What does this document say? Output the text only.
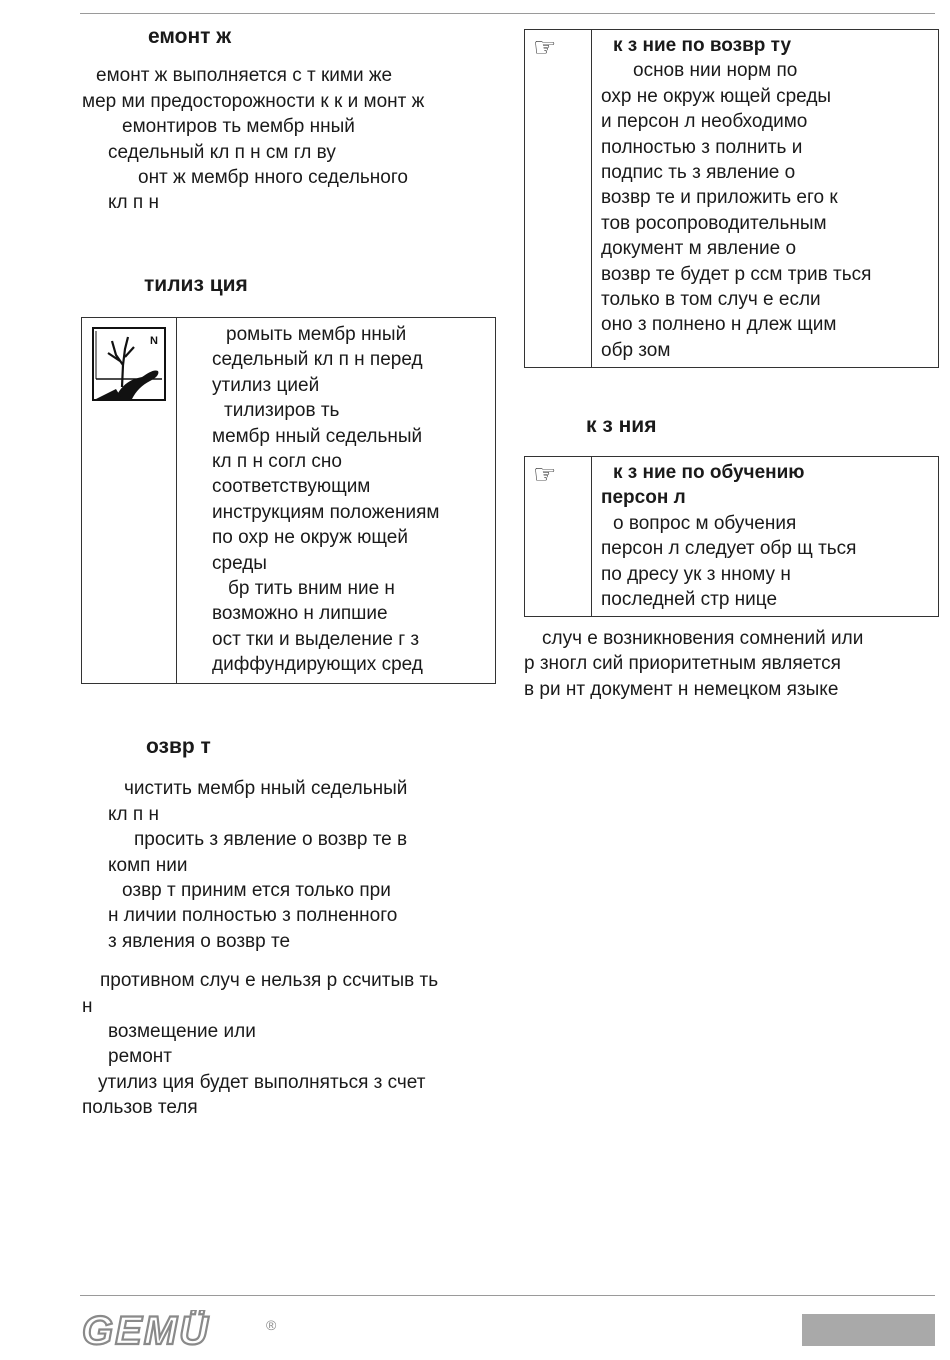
емонт ж

емонт ж выполняется с т кими же

мер ми предосторожности к к и монт ж

емонтиров ть мембр нный

седельный кл п н см гл ву

онт ж мембр нного седельного

кл п н

тилиз ция

N	ромыть мембр нный

седельный кл п н перед

утилиз цией

тилизиров ть

мембр нный седельный

кл п н согл сно

соответствующим

инструкциям положениям

по охр не окруж ющей

среды

бр тить вним ние н

возможно н липшие

ост тки и выделение г з

диффундирующих сред

озвр т

чистить мембр нный седельный

кл п н

просить з явление о возвр те в

комп нии

озвр т приним ется только при

н личии полностью з полненного

з явления о возвр те

противном случ е нельзя р ссчитыв ть

н

возмещение или

ремонт

утилиз ция будет выполняться з счет

пользов теля

☞	к з ние по возвр ту

основ нии норм по

охр не окруж ющей среды

и персон л необходимо

полностью з полнить и

подпис ть з явление о

возвр те и приложить его к

тов росопроводительным

документ м явление о

возвр те будет р ссм трив ться

только в том случ е если

оно з полнено н длеж щим

обр зом

к з ния

☞	к з ние по обучению

персон л

о вопрос м обучения

персон л следует обр щ ться

по дресу ук з нному н

последней стр нице

случ е возникновения сомнений или

р зногл сий приоритетным является

в ри нт документ н немецком языке

GEMÜ	®
